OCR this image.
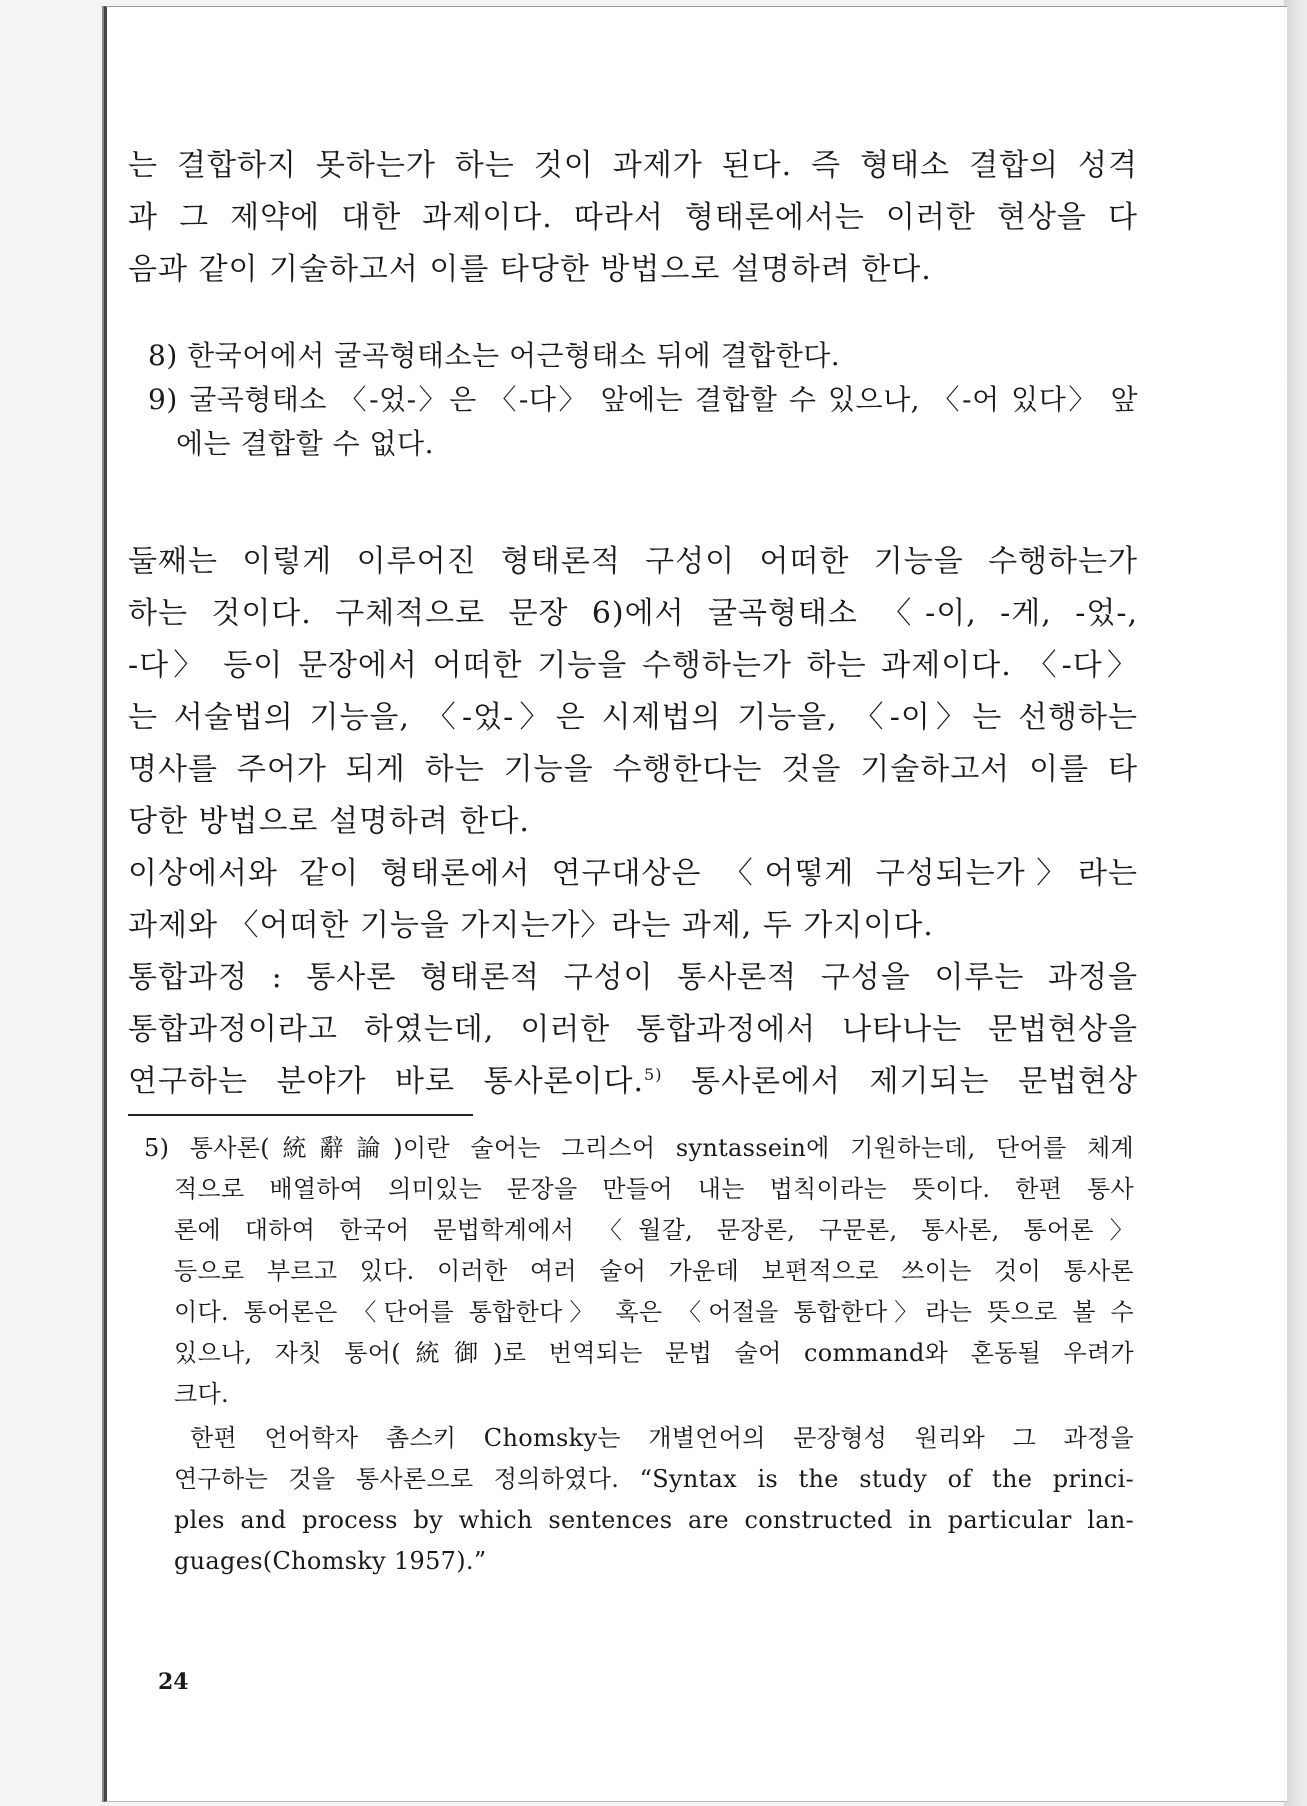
는 결합하지 못하는가 하는 것이 과제가 된다. 즉 형태소 결합의 성격
과 그 제약에 대한 과제이다. 따라서 형태론에서는 이러한 현상을 다
음과 같이 기술하고서 이를 타당한 방법으로 설명하려 한다.
8) 한국어에서 굴곡형태소는 어근형태소 뒤에 결합한다.
9) 굴곡형태소 〈-었-〉은 〈-다〉 앞에는 결합할 수 있으나, 〈-어 있다〉 앞
에는 결합할 수 없다.
둘째는 이렇게 이루어진 형태론적 구성이 어떠한 기능을 수행하는가
하는 것이다. 구체적으로 문장 6)에서 굴곡형태소 〈-이, -게, -었-,
-다〉 등이 문장에서 어떠한 기능을 수행하는가 하는 과제이다. 〈-다〉
는 서술법의 기능을, 〈-었-〉은 시제법의 기능을, 〈-이〉는 선행하는
명사를 주어가 되게 하는 기능을 수행한다는 것을 기술하고서 이를 타
당한 방법으로 설명하려 한다.
이상에서와 같이 형태론에서 연구대상은 〈어떻게 구성되는가〉라는
과제와 〈어떠한 기능을 가지는가〉라는 과제, 두 가지이다.
통합과정 : 통사론 형태론적 구성이 통사론적 구성을 이루는 과정을
통합과정이라고 하였는데, 이러한 통합과정에서 나타나는 문법현상을
연구하는 분야가 바로 통사론이다.$^{5)}$ 통사론에서 제기되는 문법현상
5) 통사론(統辭論)이란 술어는 그리스어 syntassein에 기원하는데, 단어를 체계
적으로 배열하여 의미있는 문장을 만들어 내는 법칙이라는 뜻이다. 한편 통사
론에 대하여 한국어 문법학계에서 〈월갈, 문장론, 구문론, 통사론, 통어론〉
등으로 부르고 있다. 이러한 여러 술어 가운데 보편적으로 쓰이는 것이 통사론
이다. 통어론은 〈단어를 통합한다〉 혹은 〈어절을 통합한다〉라는 뜻으로 볼 수
있으나, 자칫 통어(統御)로 번역되는 문법 술어 command와 혼동될 우려가
크다.
한편 언어학자 촘스키 Chomsky는 개별언어의 문장형성 원리와 그 과정을
연구하는 것을 통사론으로 정의하였다. “Syntax is the study of the princi-
ples and process by which sentences are constructed in particular lan-
guages(Chomsky 1957).”
24
